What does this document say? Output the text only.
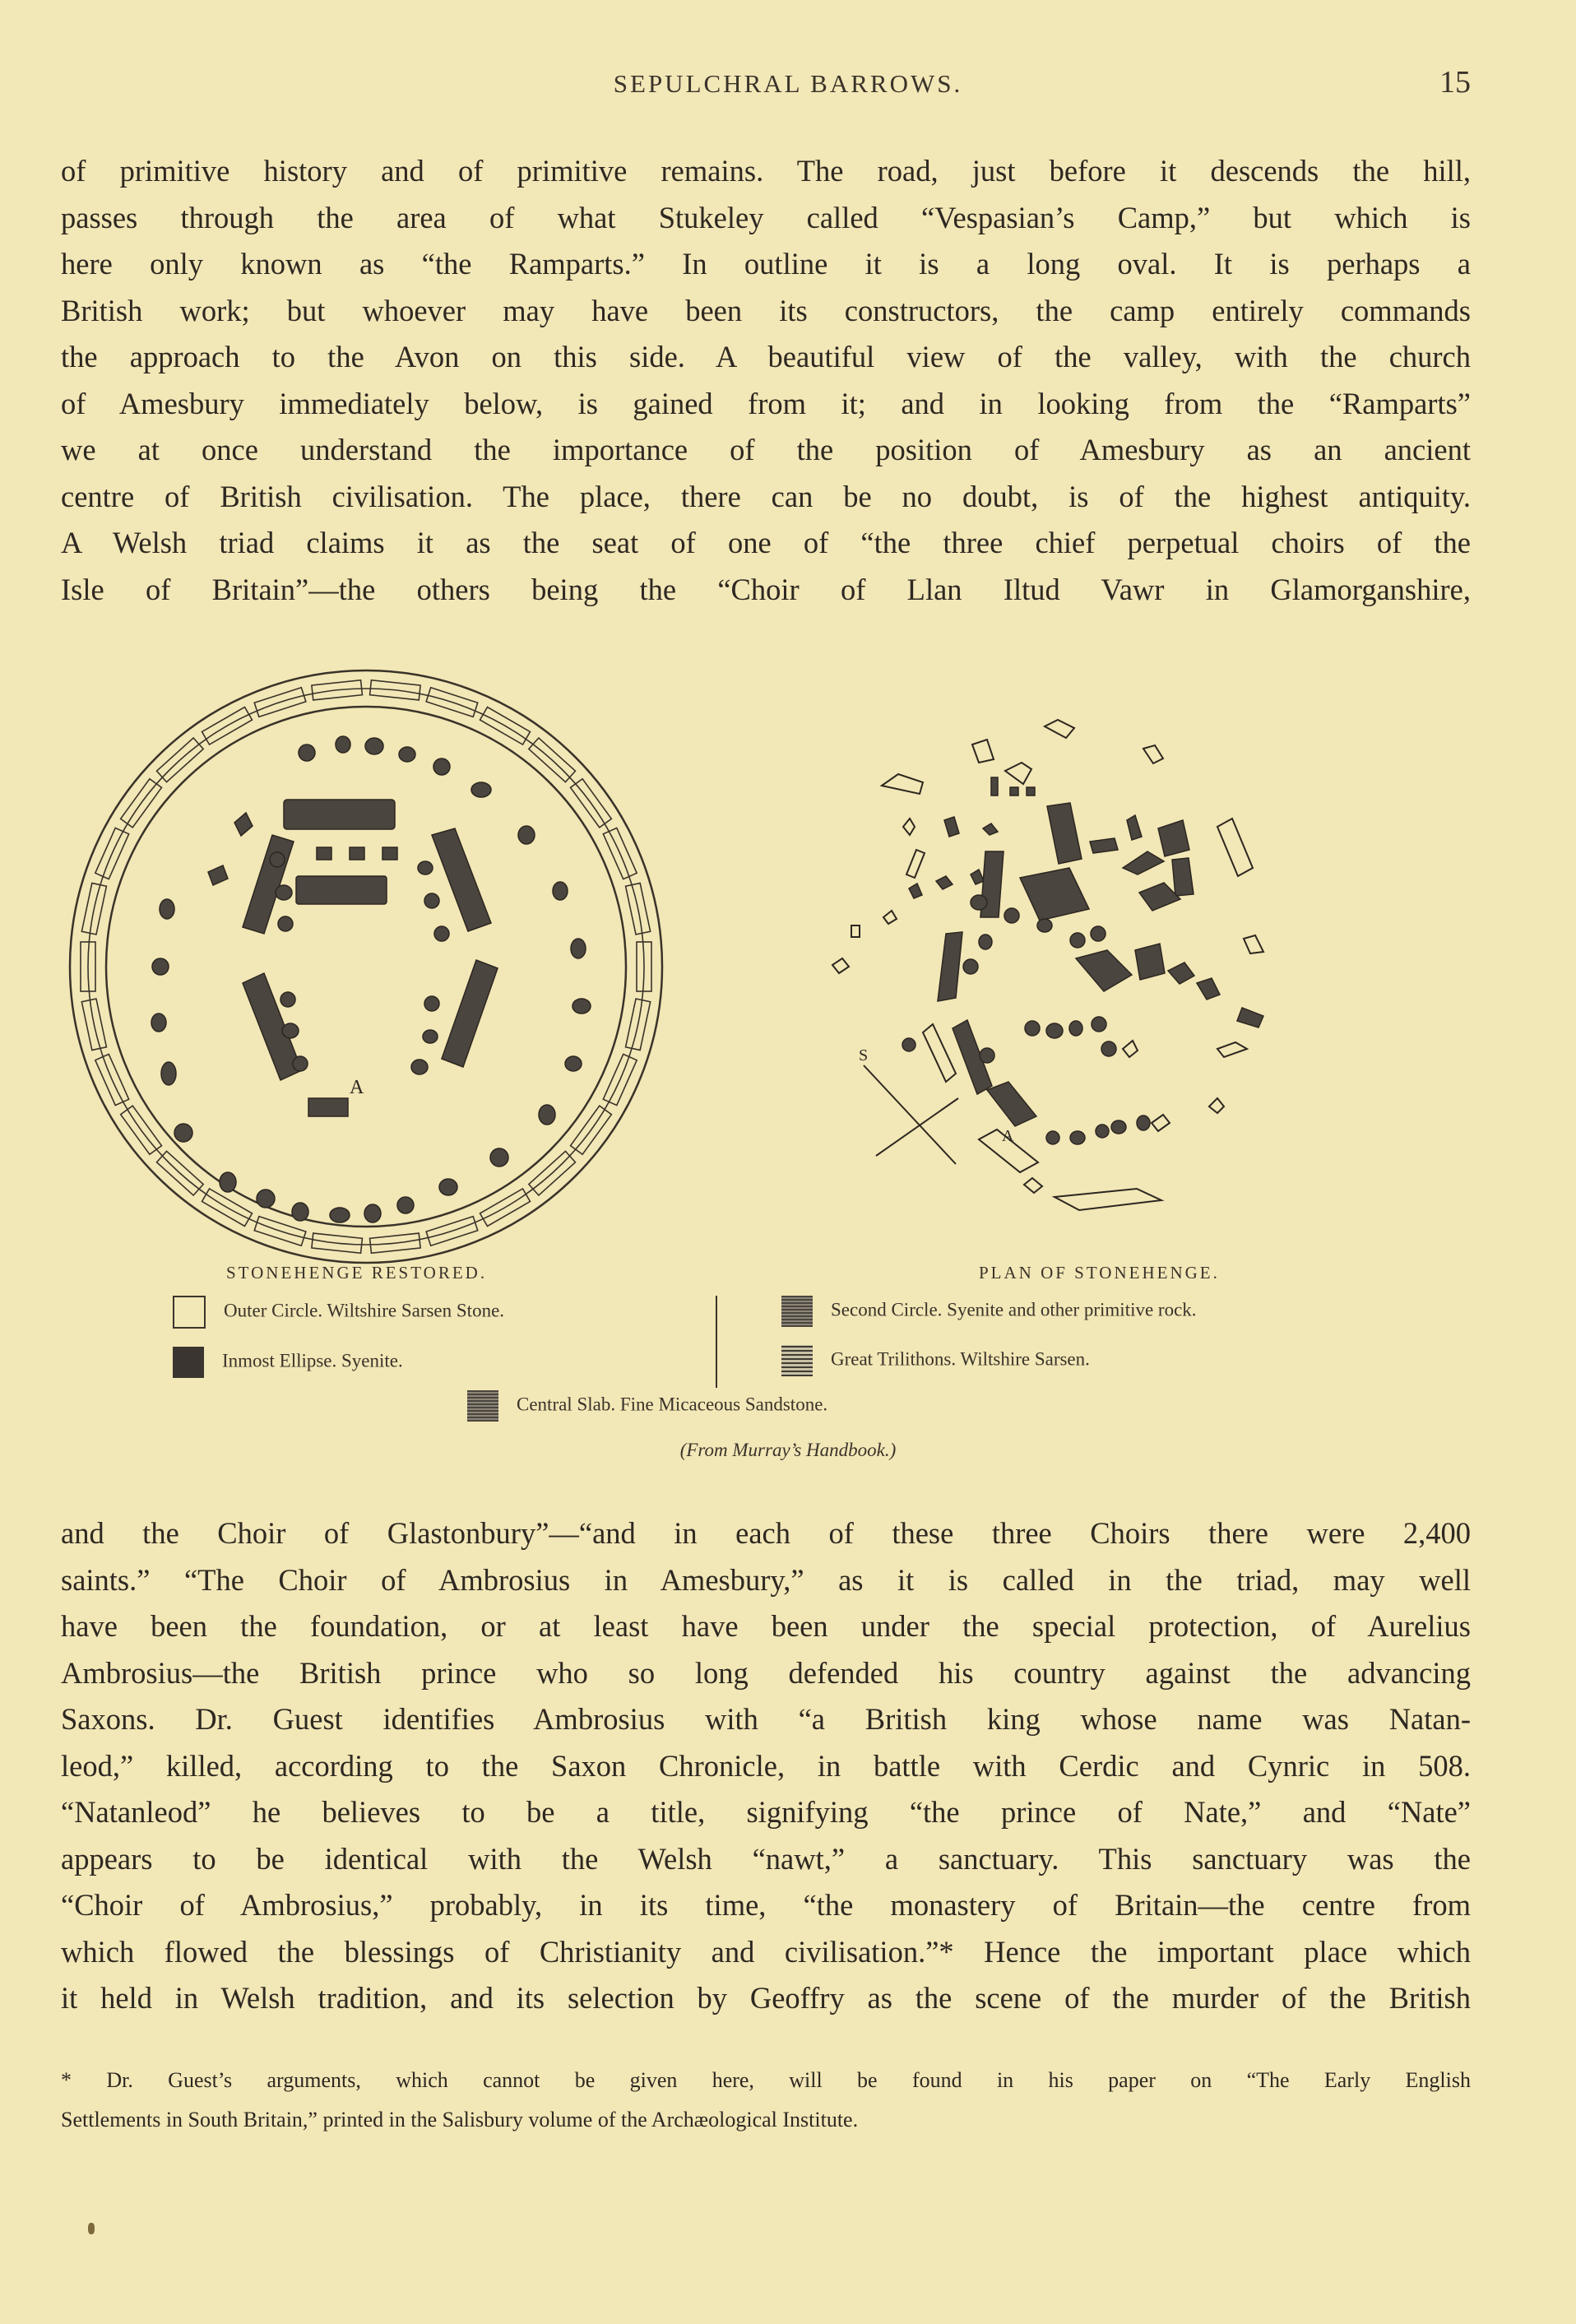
SEPULCHRAL BARROWS.	15
of primitive history and of primitive remains. The road, just before it descends the hill,
passes through the area of what Stukeley called “Vespasian’s Camp,” but which is
here only known as “the Ramparts.” In outline it is a long oval. It is perhaps a
British work; but whoever may have been its constructors, the camp entirely commands
the approach to the Avon on this side. A beautiful view of the valley, with the church
of Amesbury immediately below, is gained from it; and in looking from the “Ramparts”
we at once understand the importance of the position of Amesbury as an ancient
centre of British civilisation. The place, there can be no doubt, is of the highest antiquity.
A Welsh triad claims it as the seat of one of “the three chief perpetual choirs of the
Isle of Britain”—the others being the “Choir of Llan Iltud Vawr in Glamorganshire,
A
S
A
STONEHENGE RESTORED.	PLAN OF STONEHENGE.
Outer Circle. Wiltshire Sarsen Stone.
Inmost Ellipse. Syenite.
Second Circle. Syenite and other primitive rock.
Great Trilithons. Wiltshire Sarsen.
Central Slab. Fine Micaceous Sandstone.
(From Murray’s Handbook.)
and the Choir of Glastonbury”—“and in each of these three Choirs there were 2,400
saints.” “The Choir of Ambrosius in Amesbury,” as it is called in the triad, may well
have been the foundation, or at least have been under the special protection, of Aurelius
Ambrosius—the British prince who so long defended his country against the advancing
Saxons. Dr. Guest identifies Ambrosius with “a British king whose name was Natan-
leod,” killed, according to the Saxon Chronicle, in battle with Cerdic and Cynric in 508.
“Natanleod” he believes to be a title, signifying “the prince of Nate,” and “Nate”
appears to be identical with the Welsh “nawt,” a sanctuary. This sanctuary was the
“Choir of Ambrosius,” probably, in its time, “the monastery of Britain—the centre from
which flowed the blessings of Christianity and civilisation.”* Hence the important place which
it held in Welsh tradition, and its selection by Geoffry as the scene of the murder of the British
* Dr. Guest’s arguments, which cannot be given here, will be found in his paper on “The Early English
Settlements in South Britain,” printed in the Salisbury volume of the Archæological Institute.
